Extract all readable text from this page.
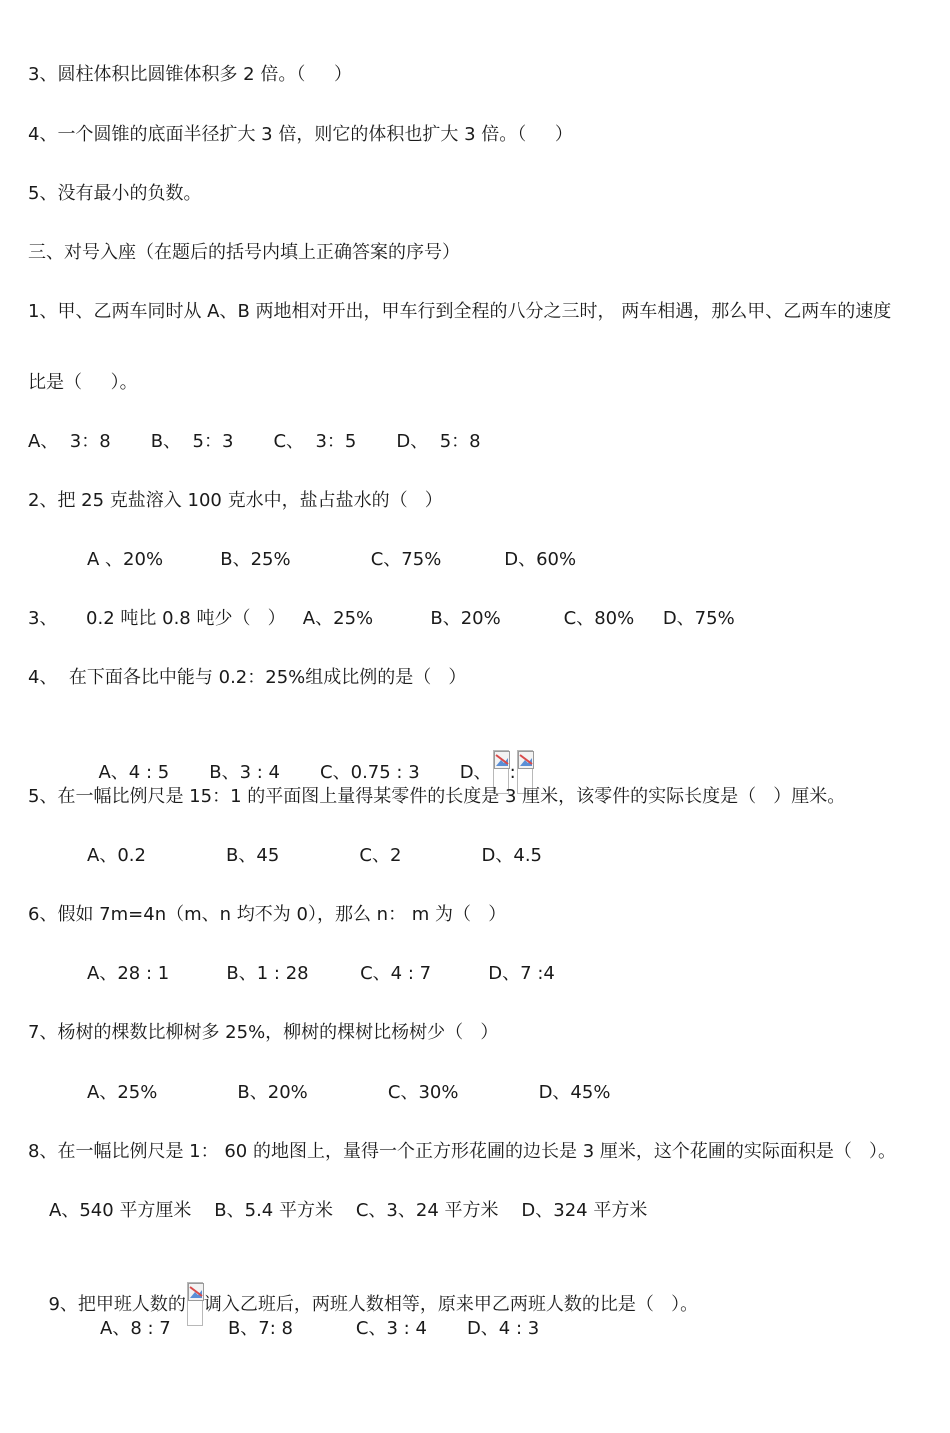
3、圆柱体积比圆锥体积多 2 倍。（     ）
4、一个圆锥的底面半径扩大 3 倍，则它的体积也扩大 3 倍。（     ）
5、没有最小的负数。
三、对号入座（在题后的括号内填上正确答案的序号）
1、甲、乙两车同时从 A、B 两地相对开出，甲车行到全程的八分之三时， 两车相遇，那么甲、乙两车的速度
比是（     ）。
A、  3：8       B、  5：3       C、  3：5       D、  5：8
2、把 25 克盐溶入 100 克水中，盐占盐水的（   ）
A 、20%          B、25%              C、75%           D、60%
3、     0.2 吨比 0.8 吨少（   ）   A、25%          B、20%           C、80%     D、75%
4、  在下面各比中能与 0.2：25%组成比例的是（   ）

A、4 : 5       B、3 : 4       C、0.75 : 3       D、 :

5、在一幅比例尺是 15：1 的平面图上量得某零件的长度是 3 厘米，该零件的实际长度是（   ）厘米。
A、0.2              B、45              C、2              D、4.5
6、假如 7m=4n（m、n 均不为 0），那么 n： m 为（   ）
A、28 : 1          B、1 : 28         C、4 : 7          D、7 :4
7、杨树的棵数比柳树多 25%，柳树的棵树比杨树少（   ）
A、25%              B、20%              C、30%              D、45%
8、在一幅比例尺是 1： 60 的地图上，量得一个正方形花圃的边长是 3 厘米，这个花圃的实际面积是（   ）。
A、540 平方厘米    B、5.4 平方米    C、3、24 平方米    D、324 平方米

9、把甲班人数的 调入乙班后，两班人数相等，原来甲乙两班人数的比是（   ）。

A、8 : 7          B、7: 8           C、3 : 4       D、4 : 3
